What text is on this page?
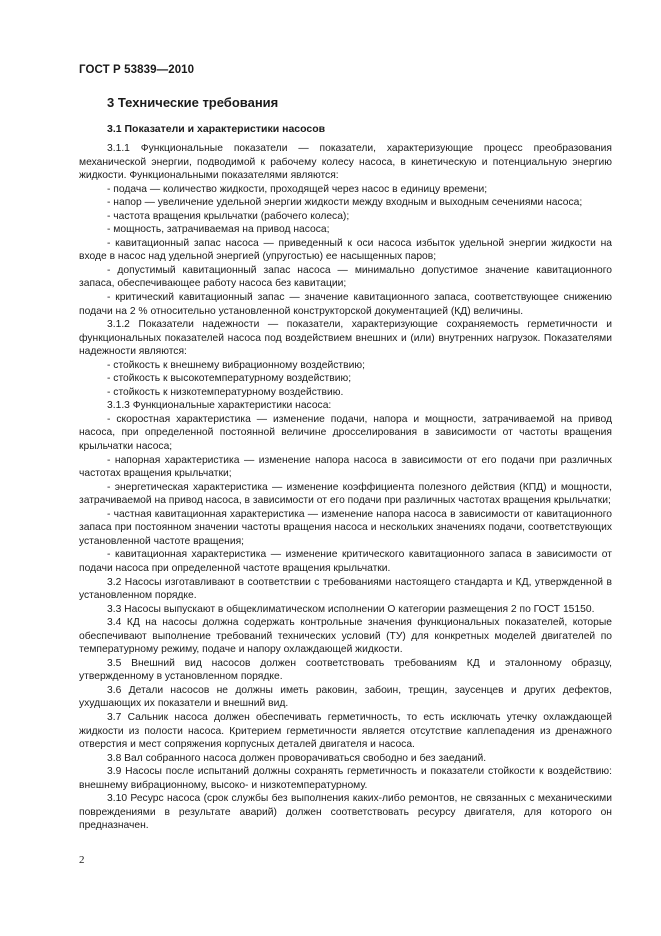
ГОСТ Р 53839—2010
3 Технические требования
3.1 Показатели и характеристики насосов

3.1.1 Функциональные показатели — показатели, характеризующие процесс преобразования механической энергии, подводимой к рабочему колесу насоса, в кинетическую и потенциальную энергию жидкости. Функциональными показателями являются:

- подача — количество жидкости, проходящей через насос в единицу времени;

- напор — увеличение удельной энергии жидкости между входным и выходным сечениями насоса;

- частота вращения крыльчатки (рабочего колеса);

- мощность, затрачиваемая на привод насоса;

- кавитационный запас насоса — приведенный к оси насоса избыток удельной энергии жидкости на входе в насос над удельной энергией (упругостью) ее насыщенных паров;

- допустимый кавитационный запас насоса — минимально допустимое значение кавитационного запаса, обеспечивающее работу насоса без кавитации;

- критический кавитационный запас — значение кавитационного запаса, соответствующее снижению подачи на 2 % относительно установленной конструкторской документацией (КД) величины.

3.1.2 Показатели надежности — показатели, характеризующие сохраняемость герметичности и функциональных показателей насоса под воздействием внешних и (или) внутренних нагрузок. Показателями надежности являются:

- стойкость к внешнему вибрационному воздействию;

- стойкость к высокотемпературному воздействию;

- стойкость к низкотемпературному воздействию.

3.1.3 Функциональные характеристики насоса:

- скоростная характеристика — изменение подачи, напора и мощности, затрачиваемой на привод насоса, при определенной постоянной величине дросселирования в зависимости от частоты вращения крыльчатки насоса;

- напорная характеристика — изменение напора насоса в зависимости от его подачи при различных частотах вращения крыльчатки;

- энергетическая характеристика — изменение коэффициента полезного действия (КПД) и мощности, затрачиваемой на привод насоса, в зависимости от его подачи при различных частотах вращения крыльчатки;

- частная кавитационная характеристика — изменение напора насоса в зависимости от кавитационного запаса при постоянном значении частоты вращения насоса и нескольких значениях подачи, соответствующих установленной частоте вращения;

- кавитационная характеристика — изменение критического кавитационного запаса в зависимости от подачи насоса при определенной частоте вращения крыльчатки.

3.2 Насосы изготавливают в соответствии с требованиями настоящего стандарта и КД, утвержденной в установленном порядке.

3.3 Насосы выпускают в общеклиматическом исполнении О категории размещения 2 по ГОСТ 15150.

3.4 КД на насосы должна содержать контрольные значения функциональных показателей, которые обеспечивают выполнение требований технических условий (ТУ) для конкретных моделей двигателей по температурному режиму, подаче и напору охлаждающей жидкости.

3.5 Внешний вид насосов должен соответствовать требованиям КД и эталонному образцу, утвержденному в установленном порядке.

3.6 Детали насосов не должны иметь раковин, забоин, трещин, заусенцев и других дефектов, ухудшающих их показатели и внешний вид.

3.7 Сальник насоса должен обеспечивать герметичность, то есть исключать утечку охлаждающей жидкости из полости насоса. Критерием герметичности является отсутствие каплепадения из дренажного отверстия и мест сопряжения корпусных деталей двигателя и насоса.

3.8 Вал собранного насоса должен проворачиваться свободно и без заеданий.

3.9 Насосы после испытаний должны сохранять герметичность и показатели стойкости к воздействию: внешнему вибрационному, высоко- и низкотемпературному.

3.10 Ресурс насоса (срок службы без выполнения каких-либо ремонтов, не связанных с механическими повреждениями в результате аварий) должен соответствовать ресурсу двигателя, для которого он предназначен.

2
